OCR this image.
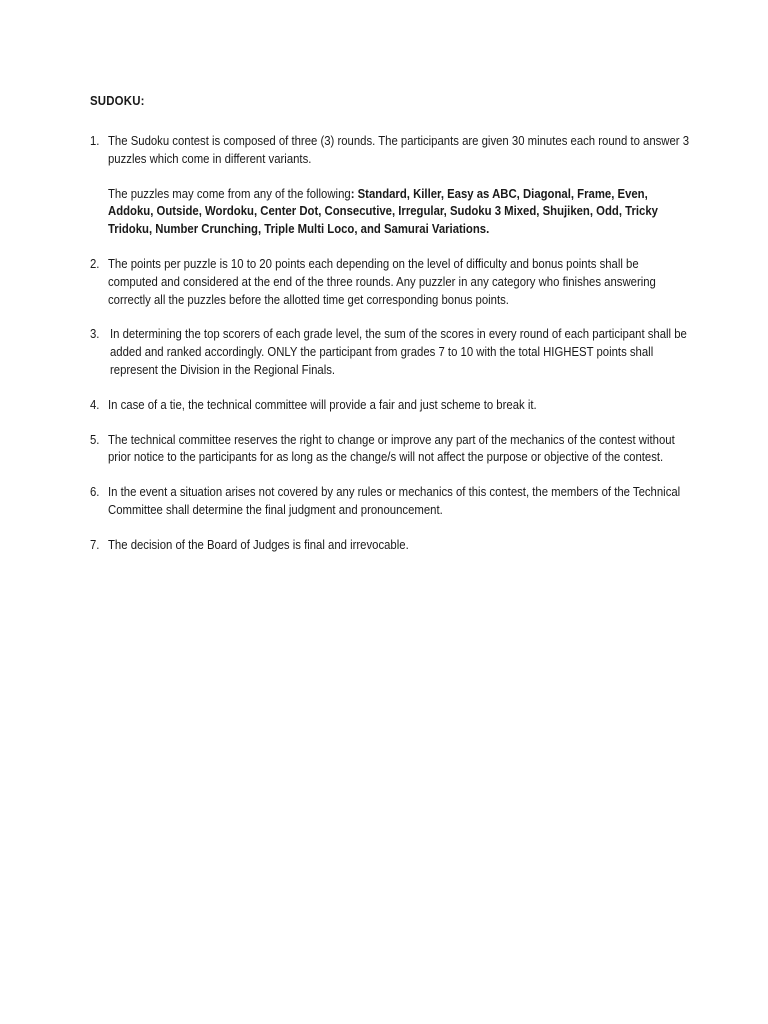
SUDOKU:
1. The Sudoku contest is composed of three (3) rounds. The participants are given 30 minutes each round to answer 3 puzzles which come in different variants.
The puzzles may come from any of the following: Standard, Killer, Easy as ABC, Diagonal, Frame, Even, Addoku, Outside, Wordoku, Center Dot, Consecutive, Irregular, Sudoku 3 Mixed, Shujiken, Odd, Tricky Tridoku, Number Crunching, Triple Multi Loco, and Samurai Variations.
2. The points per puzzle is 10 to 20 points each depending on the level of difficulty and bonus points shall be computed and considered at the end of the three rounds. Any puzzler in any category who finishes answering correctly all the puzzles before the allotted time get corresponding bonus points.
3. In determining the top scorers of each grade level, the sum of the scores in every round of each participant shall be added and ranked accordingly. ONLY the participant from grades 7 to 10 with the total HIGHEST points shall represent the Division in the Regional Finals.
4. In case of a tie, the technical committee will provide a fair and just scheme to break it.
5. The technical committee reserves the right to change or improve any part of the mechanics of the contest without prior notice to the participants for as long as the change/s will not affect the purpose or objective of the contest.
6. In the event a situation arises not covered by any rules or mechanics of this contest, the members of the Technical Committee shall determine the final judgment and pronouncement.
7. The decision of the Board of Judges is final and irrevocable.
